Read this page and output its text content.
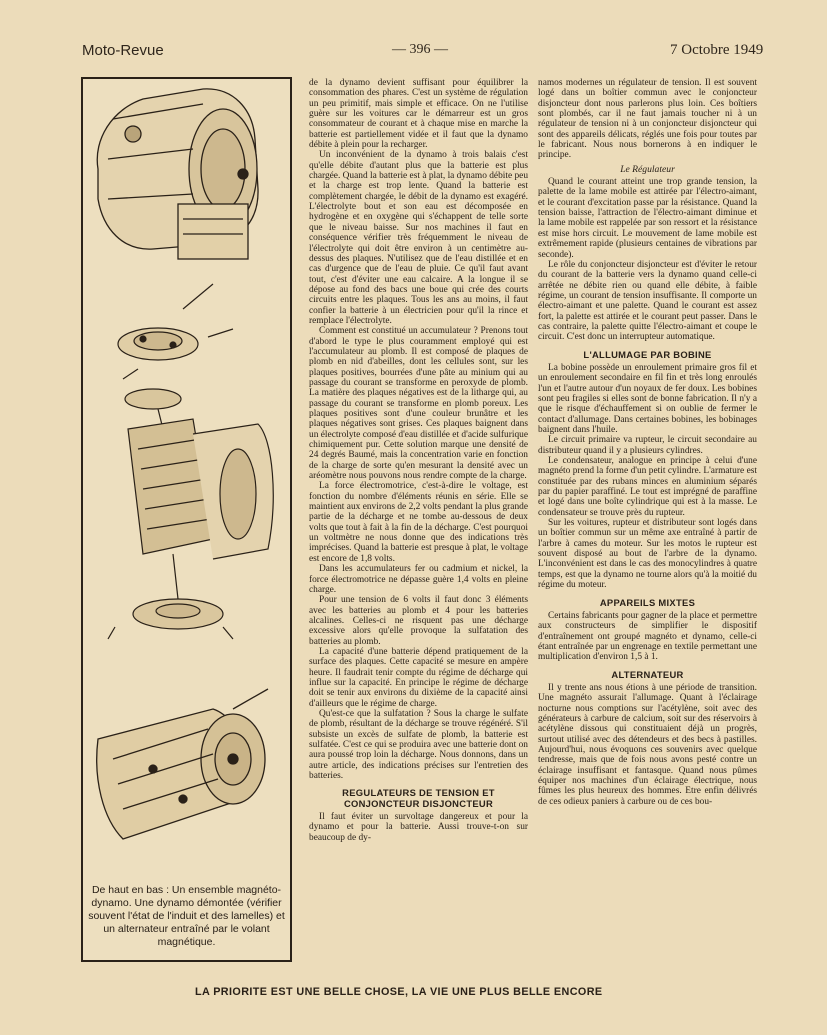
Moto-Revue	— 396 —	7 Octobre 1949
De haut en bas : Un ensemble magnéto-dynamo. Une dynamo démontée (vérifier souvent l'état de l'induit et des lamelles) et un alternateur entraîné par le volant magnétique.

de la dynamo devient suffisant pour équilibrer la consommation des phares. C'est un système de régulation un peu primitif, mais simple et efficace. On ne l'utilise guère sur les voitures car le démarreur est un gros consommateur de courant et à chaque mise en marche la batterie est partiellement vidée et il faut que la dynamo débite à plein pour la recharger.

Un inconvénient de la dynamo à trois balais c'est qu'elle débite d'autant plus que la batterie est plus chargée. Quand la batterie est à plat, la dynamo débite peu et la charge est trop lente. Quand la batterie est complètement chargée, le débit de la dynamo est exagéré. L'électrolyte bout et son eau est décomposée en hydrogène et en oxygène qui s'échappent de telle sorte que le niveau baisse. Sur nos machines il faut en conséquence vérifier très fréquemment le niveau de l'électrolyte qui doit être environ à un centimètre au-dessus des plaques. N'utilisez que de l'eau distillée et en cas d'urgence que de l'eau de pluie. Ce qu'il faut avant tout, c'est d'éviter une eau calcaire. A la longue il se dépose au fond des bacs une boue qui crée des courts circuits entre les plaques. Tous les ans au moins, il faut confier la batterie à un électricien pour qu'il la rince et remplace l'électrolyte.

Comment est constitué un accumulateur ? Prenons tout d'abord le type le plus couramment employé qui est l'accumulateur au plomb. Il est composé de plaques de plomb en nid d'abeilles, dont les cellules sont, sur les plaques positives, bourrées d'une pâte au minium qui au passage du courant se transforme en peroxyde de plomb. La matière des plaques négatives est de la litharge qui, au passage du courant se transforme en plomb poreux. Les plaques positives sont d'une couleur brunâtre et les plaques négatives sont grises. Ces plaques baignent dans un électrolyte composé d'eau distillée et d'acide sulfurique chimiquement pur. Cette solution marque une densité de 24 degrés Baumé, mais la concentration varie en fonction de la charge de sorte qu'en mesurant la densité avec un aréomètre nous pouvons nous rendre compte de la charge.

La force électromotrice, c'est-à-dire le voltage, est fonction du nombre d'éléments réunis en série. Elle se maintient aux environs de 2,2 volts pendant la plus grande partie de la décharge et ne tombe au-dessous de deux volts que tout à fait à la fin de la décharge. C'est pourquoi un voltmètre ne nous donne que des indications très imprécises. Quand la batterie est presque à plat, le voltage est encore de 1,8 volts.

Dans les accumulateurs fer ou cadmium et nickel, la force électromotrice ne dépasse guère 1,4 volts en pleine charge.

Pour une tension de 6 volts il faut donc 3 éléments avec les batteries au plomb et 4 pour les batteries alcalines. Celles-ci ne risquent pas une décharge excessive alors qu'elle provoque la sulfatation des batteries au plomb.

La capacité d'une batterie dépend pratiquement de la surface des plaques. Cette capacité se mesure en ampère heure. Il faudrait tenir compte du régime de décharge qui influe sur la capacité. En principe le régime de décharge doit se tenir aux environs du dixième de la capacité ainsi d'ailleurs que le régime de charge.

Qu'est-ce que la sulfatation ? Sous la charge le sulfate de plomb, résultant de la décharge se trouve régénéré. S'il subsiste un excès de sulfate de plomb, la batterie est sulfatée. C'est ce qui se produira avec une batterie dont on aura poussé trop loin la décharge. Nous donnons, dans un autre article, des indications précises sur l'entretien des batteries.

REGULATEURS DE TENSION ET CONJONCTEUR DISJONCTEUR

Il faut éviter un survoltage dangereux et pour la dynamo et pour la batterie. Aussi trouve-t-on sur beaucoup de dy-

namos modernes un régulateur de tension. Il est souvent logé dans un boîtier commun avec le conjoncteur disjoncteur dont nous parlerons plus loin. Ces boîtiers sont plombés, car il ne faut jamais toucher ni à un régulateur de tension ni à un conjoncteur disjoncteur qui sont des appareils délicats, réglés une fois pour toutes par le fabricant. Nous nous bornerons à en indiquer le principe.

Le Régulateur

Quand le courant atteint une trop grande tension, la palette de la lame mobile est attirée par l'électro-aimant, et le courant d'excitation passe par la résistance. Quand la tension baisse, l'attraction de l'électro-aimant diminue et la lame mobile est rappelée par son ressort et la résistance est mise hors circuit. Le mouvement de lame mobile est extrêmement rapide (plusieurs centaines de vibrations par seconde).

Le rôle du conjoncteur disjoncteur est d'éviter le retour du courant de la batterie vers la dynamo quand celle-ci arrêtée ne débite rien ou quand elle débite, à faible régime, un courant de tension insuffisante. Il comporte un électro-aimant et une palette. Quand le courant est assez fort, la palette est attirée et le courant peut passer. Dans le cas contraire, la palette quitte l'électro-aimant et coupe le circuit. C'est donc un interrupteur automatique.

L'ALLUMAGE PAR BOBINE

La bobine possède un enroulement primaire gros fil et un enroulement secondaire en fil fin et très long enroulés l'un et l'autre autour d'un noyaux de fer doux. Les bobines sont peu fragiles si elles sont de bonne fabrication. Il n'y a que le risque d'échauffement si on oublie de fermer le contact d'allumage. Dans certaines bobines, les bobinages baignent dans l'huile.

Le circuit primaire va rupteur, le circuit secondaire au distributeur quand il y a plusieurs cylindres.

Le condensateur, analogue en principe à celui d'une magnéto prend la forme d'un petit cylindre. L'armature est constituée par des rubans minces en aluminium séparés par du papier paraffiné. Le tout est imprégné de paraffine et logé dans une boîte cylindrique qui est à la masse. Le condensateur se trouve près du rupteur.

Sur les voitures, rupteur et distributeur sont logés dans un boîtier commun sur un même axe entraîné à partir de l'arbre à cames du moteur. Sur les motos le rupteur est souvent disposé au bout de l'arbre de la dynamo. L'inconvénient est dans le cas des monocylindres à quatre temps, est que la dynamo ne tourne alors qu'à la moitié du régime du moteur.

APPAREILS MIXTES

Certains fabricants pour gagner de la place et permettre aux constructeurs de simplifier le dispositif d'entraînement ont groupé magnéto et dynamo, celle-ci étant entraînée par un engrenage en textile permettant une multiplication d'environ 1,5 à 1.

ALTERNATEUR

Il y trente ans nous étions à une période de transition. Une magnéto assurait l'allumage. Quant à l'éclairage nocturne nous comptions sur l'acétylène, soit avec des générateurs à carbure de calcium, soit sur des réservoirs à acétylène dissous qui constituaient déjà un progrès, surtout utilisé avec des détendeurs et des becs à pastilles. Aujourd'hui, nous évoquons ces souvenirs avec quelque tendresse, mais que de fois nous avons pesté contre un éclairage insuffisant et fantasque. Quand nous pûmes équiper nos machines d'un éclairage électrique, nous fûmes les plus heureux des hommes. Etre enfin délivrés de ces odieux paniers à carbure ou de ces bou-

LA PRIORITE EST UNE BELLE CHOSE, LA VIE UNE PLUS BELLE ENCORE
